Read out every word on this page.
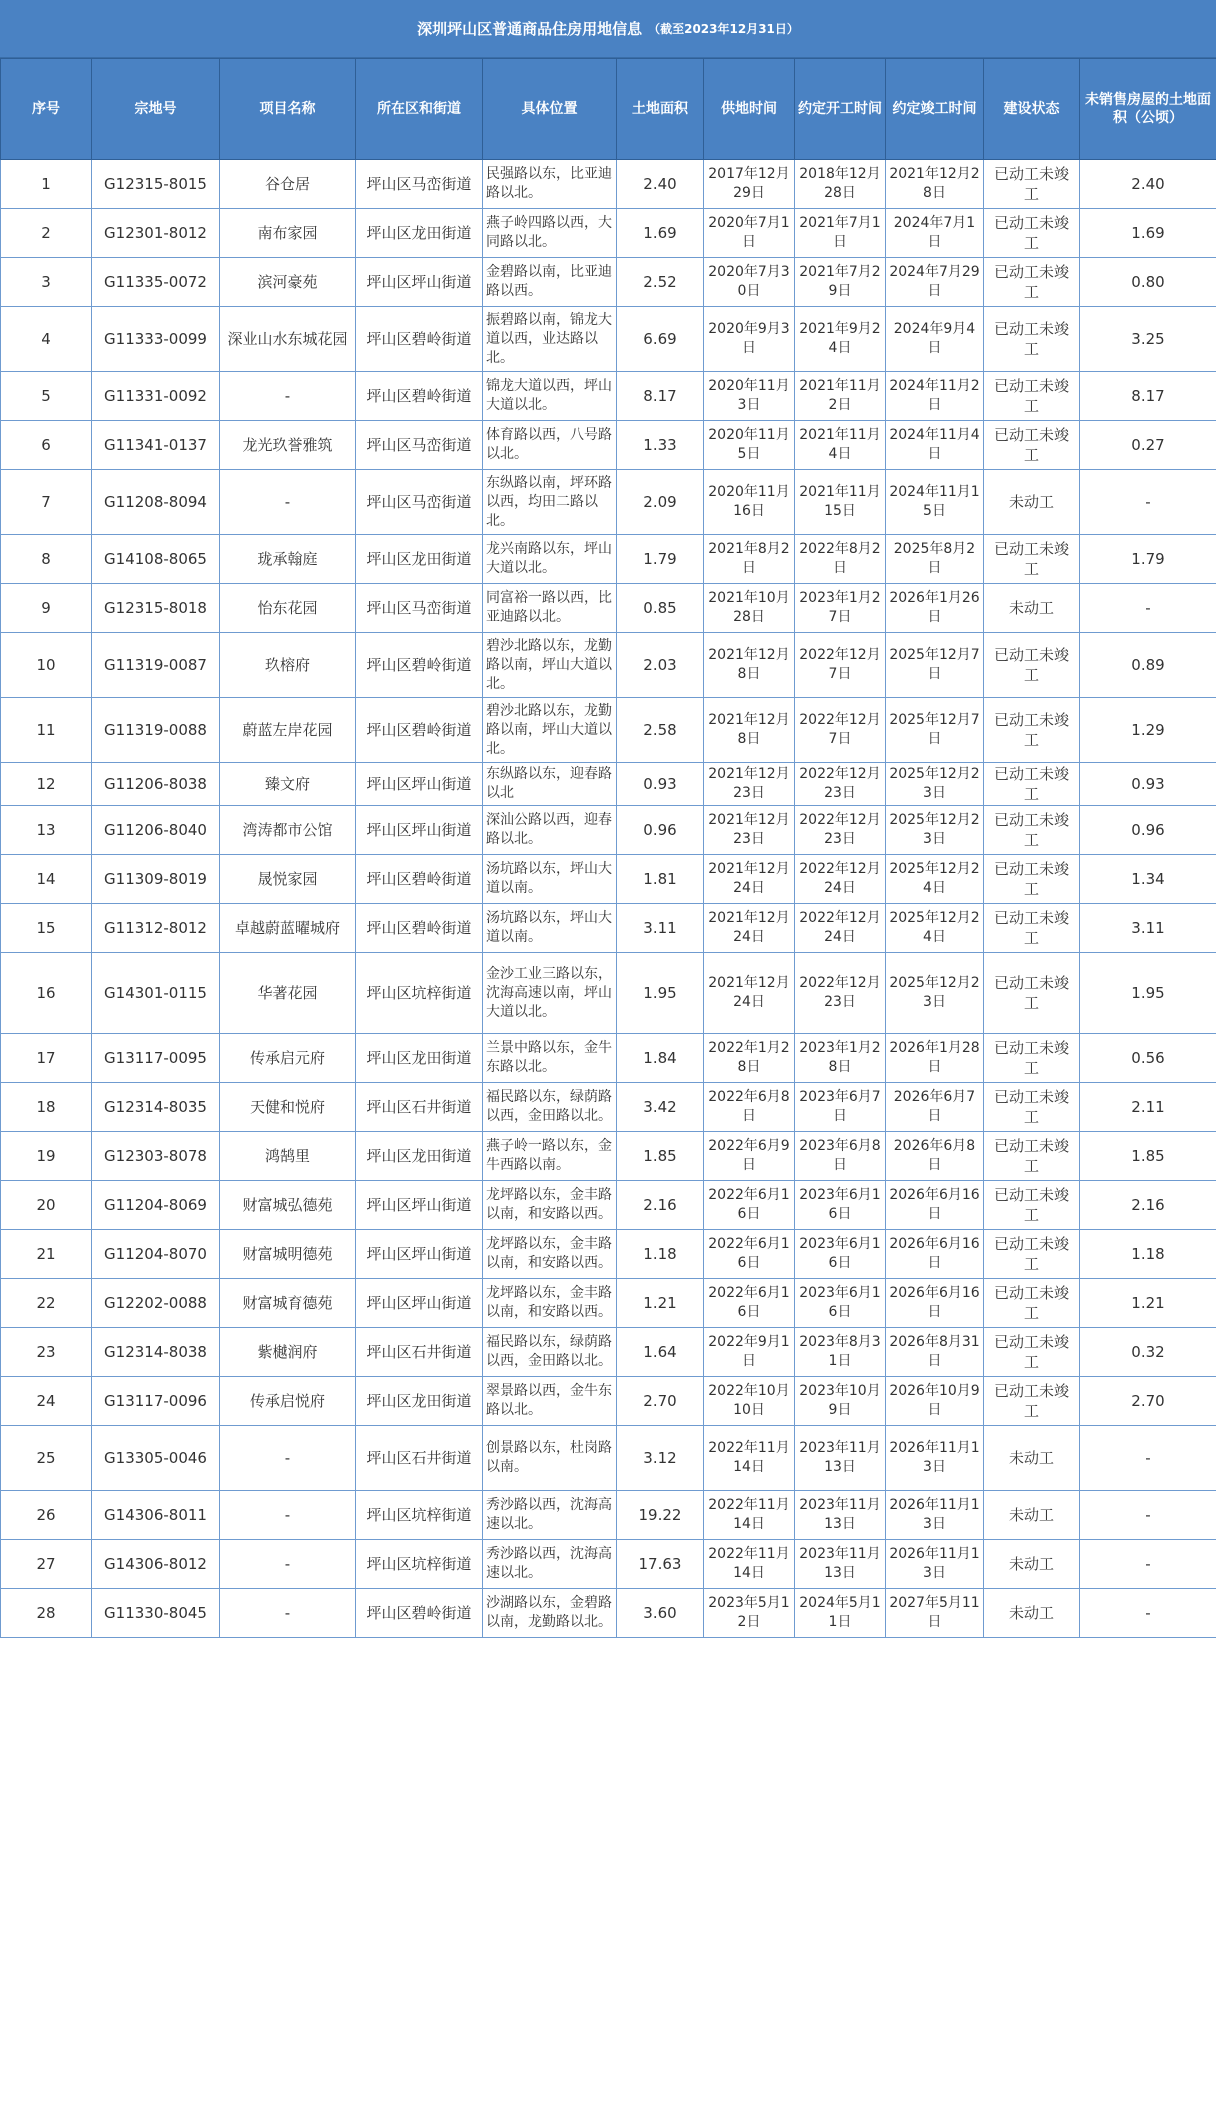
深圳坪山区普通商品住房用地信息 （截至2023年12月31日）
序号	宗地号	项目名称	所在区和街道	具体位置	土地面积	供地时间	约定开工时间	约定竣工时间	建设状态	未销售房屋的土地面积（公顷）
1	G12315-8015	谷仓居	坪山区马峦街道	民强路以东，比亚迪路以北。	2.40	2017年12月29日	2018年12月28日	2021年12月28日	已动工未竣工	2.40
2	G12301-8012	南布家园	坪山区龙田街道	燕子岭四路以西，大同路以北。	1.69	2020年7月1日	2021年7月1日	2024年7月1日	已动工未竣工	1.69
3	G11335-0072	滨河豪苑	坪山区坪山街道	金碧路以南，比亚迪路以西。	2.52	2020年7月30日	2021年7月29日	2024年7月29日	已动工未竣工	0.80
4	G11333-0099	深业山水东城花园	坪山区碧岭街道	振碧路以南，锦龙大道以西，业达路以北。	6.69	2020年9月3日	2021年9月24日	2024年9月4日	已动工未竣工	3.25
5	G11331-0092	-	坪山区碧岭街道	锦龙大道以西，坪山大道以北。	8.17	2020年11月3日	2021年11月2日	2024年11月2日	已动工未竣工	8.17
6	G11341-0137	龙光玖誉雅筑	坪山区马峦街道	体育路以西，八号路以北。	1.33	2020年11月5日	2021年11月4日	2024年11月4日	已动工未竣工	0.27
7	G11208-8094	-	坪山区马峦街道	东纵路以南，坪环路以西，均田二路以北。	2.09	2020年11月16日	2021年11月15日	2024年11月15日	未动工	-
8	G14108-8065	珑承翰庭	坪山区龙田街道	龙兴南路以东，坪山大道以北。	1.79	2021年8月2日	2022年8月2日	2025年8月2日	已动工未竣工	1.79
9	G12315-8018	怡东花园	坪山区马峦街道	同富裕一路以西，比亚迪路以北。	0.85	2021年10月28日	2023年1月27日	2026年1月26日	未动工	-
10	G11319-0087	玖榕府	坪山区碧岭街道	碧沙北路以东，龙勤路以南，坪山大道以北。	2.03	2021年12月8日	2022年12月7日	2025年12月7日	已动工未竣工	0.89
11	G11319-0088	蔚蓝左岸花园	坪山区碧岭街道	碧沙北路以东，龙勤路以南，坪山大道以北。	2.58	2021年12月8日	2022年12月7日	2025年12月7日	已动工未竣工	1.29
12	G11206-8038	臻文府	坪山区坪山街道	东纵路以东，迎春路以北	0.93	2021年12月23日	2022年12月23日	2025年12月23日	已动工未竣工	0.93
13	G11206-8040	湾涛都市公馆	坪山区坪山街道	深汕公路以西，迎春路以北。	0.96	2021年12月23日	2022年12月23日	2025年12月23日	已动工未竣工	0.96
14	G11309-8019	晟悦家园	坪山区碧岭街道	汤坑路以东，坪山大道以南。	1.81	2021年12月24日	2022年12月24日	2025年12月24日	已动工未竣工	1.34
15	G11312-8012	卓越蔚蓝曜城府	坪山区碧岭街道	汤坑路以东，坪山大道以南。	3.11	2021年12月24日	2022年12月24日	2025年12月24日	已动工未竣工	3.11
16	G14301-0115	华著花园	坪山区坑梓街道	金沙工业三路以东，沈海高速以南，坪山大道以北。	1.95	2021年12月24日	2022年12月23日	2025年12月23日	已动工未竣工	1.95
17	G13117-0095	传承启元府	坪山区龙田街道	兰景中路以东，金牛东路以北。	1.84	2022年1月28日	2023年1月28日	2026年1月28日	已动工未竣工	0.56
18	G12314-8035	天健和悦府	坪山区石井街道	福民路以东，绿荫路以西，金田路以北。	3.42	2022年6月8日	2023年6月7日	2026年6月7日	已动工未竣工	2.11
19	G12303-8078	鸿鹄里	坪山区龙田街道	燕子岭一路以东，金牛西路以南。	1.85	2022年6月9日	2023年6月8日	2026年6月8日	已动工未竣工	1.85
20	G11204-8069	财富城弘德苑	坪山区坪山街道	龙坪路以东，金丰路以南，和安路以西。	2.16	2022年6月16日	2023年6月16日	2026年6月16日	已动工未竣工	2.16
21	G11204-8070	财富城明德苑	坪山区坪山街道	龙坪路以东，金丰路以南，和安路以西。	1.18	2022年6月16日	2023年6月16日	2026年6月16日	已动工未竣工	1.18
22	G12202-0088	财富城育德苑	坪山区坪山街道	龙坪路以东，金丰路以南，和安路以西。	1.21	2022年6月16日	2023年6月16日	2026年6月16日	已动工未竣工	1.21
23	G12314-8038	紫樾润府	坪山区石井街道	福民路以东，绿荫路以西，金田路以北。	1.64	2022年9月1日	2023年8月31日	2026年8月31日	已动工未竣工	0.32
24	G13117-0096	传承启悦府	坪山区龙田街道	翠景路以西，金牛东路以北。	2.70	2022年10月10日	2023年10月9日	2026年10月9日	已动工未竣工	2.70
25	G13305-0046	-	坪山区石井街道	创景路以东，杜岗路以南。	3.12	2022年11月14日	2023年11月13日	2026年11月13日	未动工	-
26	G14306-8011	-	坪山区坑梓街道	秀沙路以西，沈海高速以北。	19.22	2022年11月14日	2023年11月13日	2026年11月13日	未动工	-
27	G14306-8012	-	坪山区坑梓街道	秀沙路以西，沈海高速以北。	17.63	2022年11月14日	2023年11月13日	2026年11月13日	未动工	-
28	G11330-8045	-	坪山区碧岭街道	沙湖路以东，金碧路以南，龙勤路以北。	3.60	2023年5月12日	2024年5月11日	2027年5月11日	未动工	-
